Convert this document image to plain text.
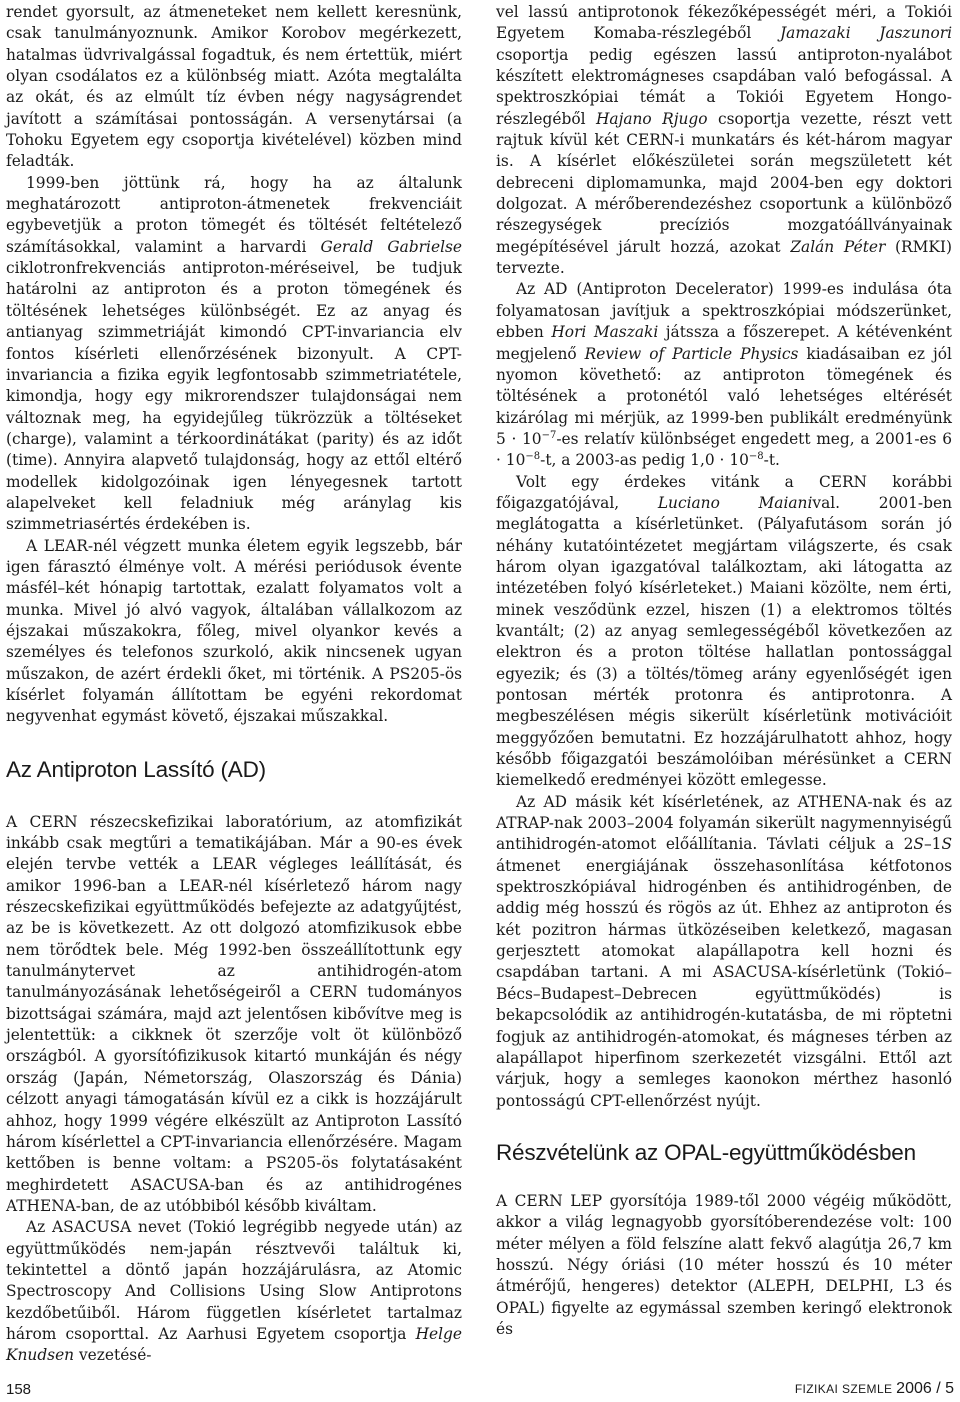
rendet gyorsult, az átmeneteket nem kellett keresnünk, csak tanulmányoznunk. Amikor Korobov megérkezett, hatalmas üdvrivalgással fogadtuk, és nem értettük, miért olyan csodálatos ez a különbség miatt. Azóta megtalálta az okát, és az elmúlt tíz évben négy nagyságrendet javított a számításai pontosságán. A versenytársai (a Tohoku Egyetem egy csoportja kivételével) közben mind feladták.

1999-ben jöttünk rá, hogy ha az általunk meghatározott antiproton-átmenetek frekvenciáit egybevetjük a proton tömegét és töltését feltételező számításokkal, valamint a harvardi Gerald Gabrielse ciklotronfrekvenciás antiproton-méréseivel, be tudjuk határolni az antiproton és a proton tömegének és töltésének lehetséges különbségét. Ez az anyag és antianyag szimmetriáját kimondó CPT-invariancia elv fontos kísérleti ellenőrzésének bizonyult. A CPT-invariancia a fizika egyik legfontosabb szimmetriatétele, kimondja, hogy egy mikrorendszer tulajdonságai nem változnak meg, ha egyidejűleg tükrözzük a töltéseket (charge), valamint a térkoordinátákat (parity) és az időt (time). Annyira alapvető tulajdonság, hogy az ettől eltérő modellek kidolgozóinak igen lényegesnek tartott alapelveket kell feladniuk még aránylag kis szimmetriasértés érdekében is.

A LEAR-nél végzett munka életem egyik legszebb, bár igen fárasztó élménye volt. A mérési periódusok évente másfél–két hónapig tartottak, ezalatt folyamatos volt a munka. Mivel jó alvó vagyok, általában vállalkozom az éjszakai műszakokra, főleg, mivel olyankor kevés a személyes és telefonos szurkoló, akik nincsenek ugyan műszakon, de azért érdekli őket, mi történik. A PS205-ös kísérlet folyamán állítottam be egyéni rekordomat negyvenhat egymást követő, éjszakai műszakkal.

Az Antiproton Lassító (AD)

A CERN részecskefizikai laboratórium, az atomfizikát inkább csak megtűri a tematikájában. Már a 90-es évek elején tervbe vették a LEAR végleges leállítását, és amikor 1996-ban a LEAR-nél kísérletező három nagy részecskefizikai együttműködés befejezte az adatgyűjtést, az be is következett. Az ott dolgozó atomfizikusok ebbe nem törődtek bele. Még 1992-ben összeállítottunk egy tanulmánytervet az antihidrogén-atom tanulmányozásának lehetőségeiről a CERN tudományos bizottságai számára, majd azt jelentősen kibővítve meg is jelentettük: a cikknek öt szerzője volt öt különböző országból. A gyorsítófizikusok kitartó munkáján és négy ország (Japán, Németország, Olaszország és Dánia) célzott anyagi támogatásán kívül ez a cikk is hozzájárult ahhoz, hogy 1999 végére elkészült az Antiproton Lassító három kísérlettel a CPT-invariancia ellenőrzésére. Magam kettőben is benne voltam: a PS205-ös folytatásaként meghirdetett ASACUSA-ban és az antihidrogénes ATHENA-ban, de az utóbbiból később kiváltam.

Az ASACUSA nevet (Tokió legrégibb negyede után) az együttműködés nem-japán résztvevői találtuk ki, tekintettel a döntő japán hozzájárulásra, az Atomic Spectroscopy And Collisions Using Slow Antiprotons kezdőbetűiből. Három független kísérletet tartalmaz három csoporttal. Az Aarhusi Egyetem csoportja Helge Knudsen vezetésé-

vel lassú antiprotonok fékezőképességét méri, a Tokiói Egyetem Komaba-részlegéből Jamazaki Jaszunori csoportja pedig egészen lassú antiproton-nyalábot készített elektromágneses csapdában való befogással. A spektroszkópiai témát a Tokiói Egyetem Hongo-részlegéből Hajano Rjugo csoportja vezette, részt vett rajtuk kívül két CERN-i munkatárs és két-három magyar is. A kísérlet előkészületei során megszületett két debreceni diplomamunka, majd 2004-ben egy doktori dolgozat. A mérőberendezéshez csoportunk a különböző részegységek precíziós mozgatóállványainak megépítésével járult hozzá, azokat Zalán Péter (RMKI) tervezte.

Az AD (Antiproton Decelerator) 1999-es indulása óta folyamatosan javítjuk a spektroszkópiai módszerünket, ebben Hori Maszaki játssza a főszerepet. A kétévenként megjelenő Review of Particle Physics kiadásaiban ez jól nyomon követhető: az antiproton tömegének és töltésének a protonétól való lehetséges eltérését kizárólag mi mérjük, az 1999-ben publikált eredményünk $5 \cdot 10^{-7}-es$ relatív különbséget engedett meg, a 2001-es $6 \cdot 10^{-8}-t$, a 2003-as pedig $1,0 \cdot 10^{-8}-t$.

Volt egy érdekes vitánk a CERN korábbi főigazgatójával, Luciano Maianival. 2001-ben meglátogatta a kísérletünket. (Pályafutásom során jó néhány kutatóintézetet megjártam világszerte, és csak három olyan igazgatóval találkoztam, aki látogatta az intézetében folyó kísérleteket.) Maiani közölte, nem érti, minek vesződünk ezzel, hiszen (1) a elektromos töltés kvantált; (2) az anyag semlegességéből következően az elektron és a proton töltése hallatlan pontossággal egyezik; és (3) a töltés/tömeg arány egyenlőségét igen pontosan mérték protonra és antiprotonra. A megbeszélésen mégis sikerült kísérletünk motivációit meggyőzően bemutatni. Ez hozzájárulhatott ahhoz, hogy később főigazgatói beszámolóiban mérésünket a CERN kiemelkedő eredményei között emlegesse.

Az AD másik két kísérletének, az ATHENA-nak és az ATRAP-nak 2003–2004 folyamán sikerült nagymennyiségű antihidrogén-atomot előállítania. Távlati céljuk a 2S–1S átmenet energiájának összehasonlítása kétfotonos spektroszkópiával hidrogénben és antihidrogénben, de addig még hosszú és rögös az út. Ehhez az antiproton és két pozitron hármas ütközéseiben keletkező, magasan gerjesztett atomokat alapállapotra kell hozni és csapdában tartani. A mi ASACUSA-kísérletünk (Tokió–Bécs–Budapest–Debrecen együttműködés) is bekapcsolódik az antihidrogén-kutatásba, de mi röptetni fogjuk az antihidrogén-atomokat, és mágneses térben az alapállapot hiperfinom szerkezetét vizsgálni. Ettől azt várjuk, hogy a semleges kaonokon mérthez hasonló pontosságú CPT-ellenőrzést nyújt.

Részvételünk az OPAL-együttműködésben

A CERN LEP gyorsítója 1989-től 2000 végéig működött, akkor a világ legnagyobb gyorsítóberendezése volt: 100 méter mélyen a föld felszíne alatt fekvő alagútja 26,7 km hosszú. Négy óriási (10 méter hosszú és 10 méter átmérőjű, hengeres) detektor (ALEPH, DELPHI, L3 és OPAL) figyelte az egymással szemben keringő elektronok és

158	FIZIKAI SZEMLE 2006 / 5
